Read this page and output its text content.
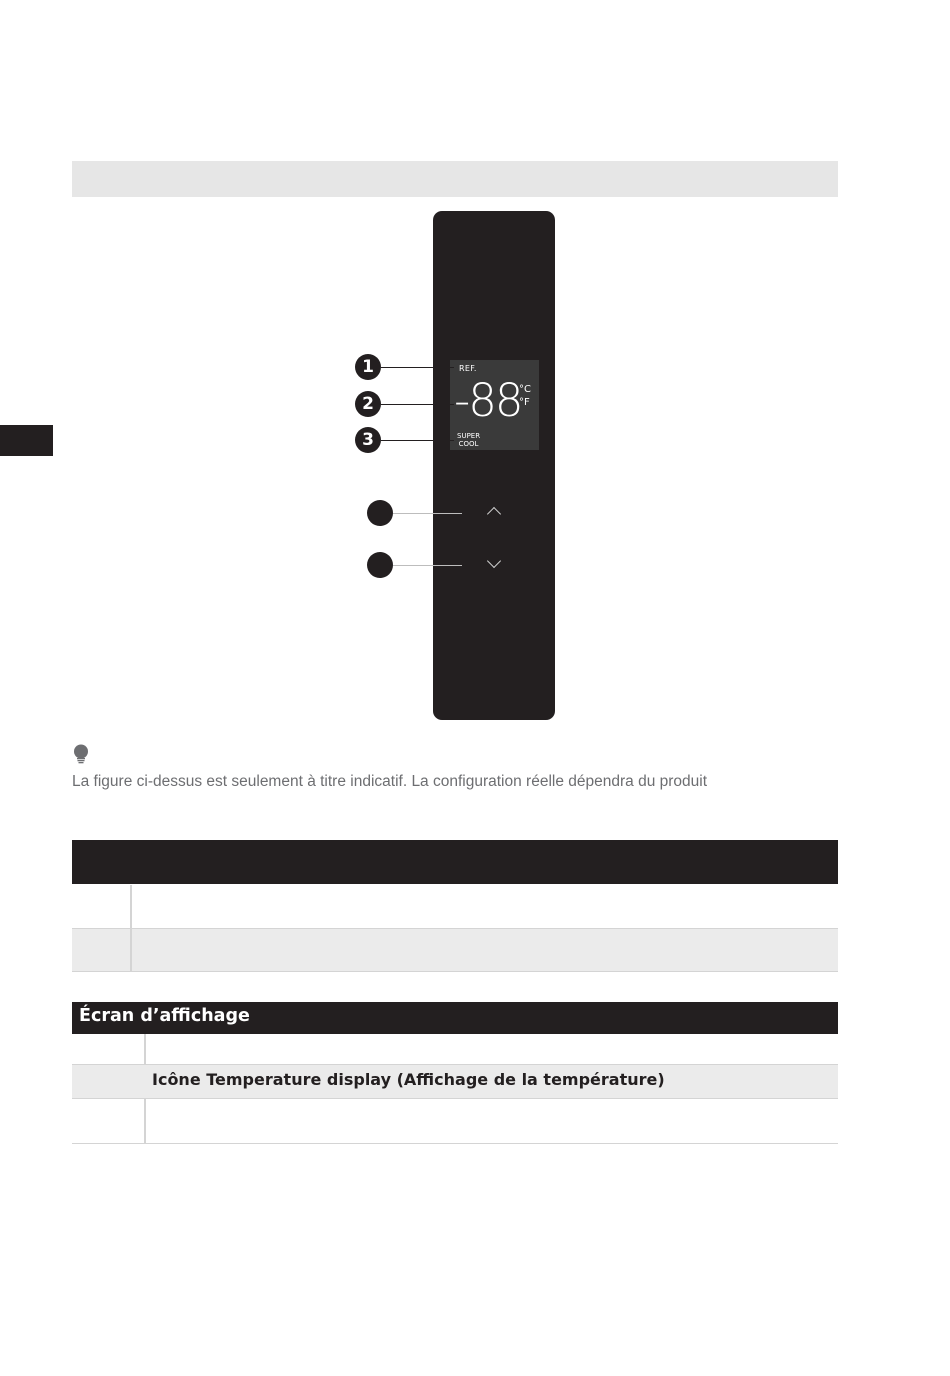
REF.
-88
°C
°F
SUPER
COOL
1
2
3
La figure ci-dessus est seulement à titre indicatif. La configuration réelle dépendra du produit
Écran d’affichage
Icône Temperature display (Affichage de la température)
